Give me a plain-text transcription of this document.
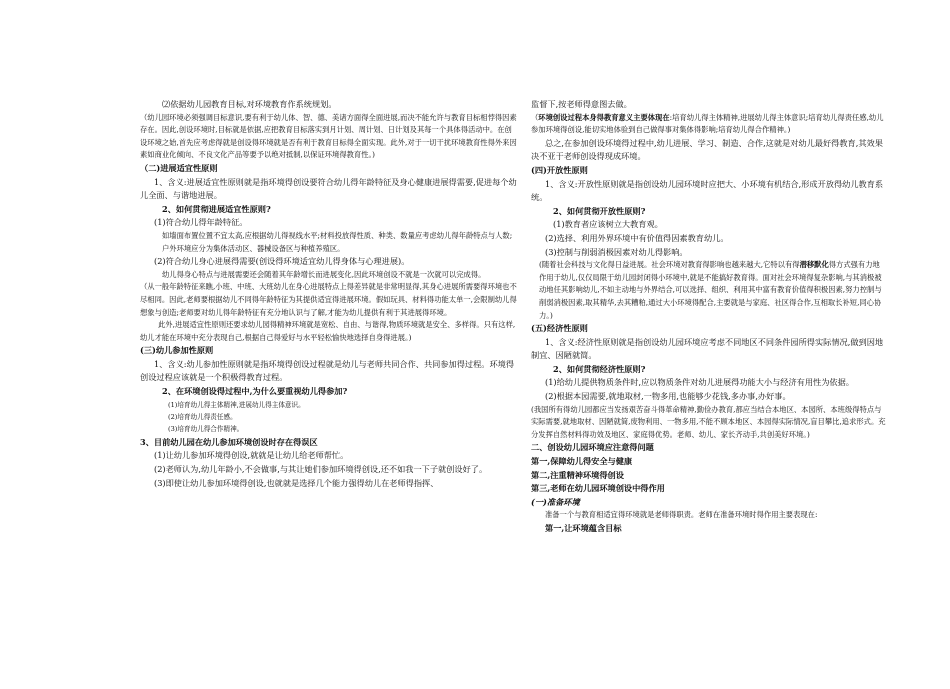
⑵依据幼儿园教育目标,对环境教育作系统规划。

（幼儿园环境必须强调目标意识,要有利于幼儿体、智、德、美诸方面得全面进展,而决不能允许与教育目标相悖得因素存在。因此,创设环境时,目标就是依据,应把教育目标落实到月计划、周计划、日计划及其每一个具体得活动中。在创设环境之始,首先应考虑得就是创设得环境就是否有利于教育目标得全面实现。此外,对于一切干扰环境教育性得外来因素如商业化倾向、不良文化产品等要予以绝对抵制,以保证环境得教育性。)

（二)进展适宜性原则

1、含义:进展适宜性原则就是指环境得创设要符合幼儿得年龄特征及身心健康进展得需要,促进每个幼儿全面、与谐地进展。

2、如何贯彻进展适宜性原则?

(1)符合幼儿得年龄特征。

如墙面布置位置不宜太高,应根据幼儿得视线水平;材料投放得性质、种类、数量应考虑幼儿得年龄特点与人数;户外环境应分为集体活动区、器械设备区与种植养殖区。

(2)符合幼儿身心进展得需要(创设得环境适宜幼儿得身体与心理进展)。

幼儿得身心特点与进展需要还会随着其年龄增长而进展变化,因此环境创设不就是一次就可以完成得。

（从一般年龄特征来瞧,小班、中班、大班幼儿在身心进展特点上得差异就是非常明显得,其身心进展所需要得环境也不尽相同。因此,老师要根据幼儿不同得年龄特征为其提供适宜得进展环境。假如玩具、材料得功能太单一,会限制幼儿得想象与创造;老师要对幼儿得年龄特征有充分地认识与了解,才能为幼儿提供有利于其进展得环境。

此外,进展适宜性原则还要求幼儿园得精神环境就是宽松、自由、与谐得,物质环境就是安全、多样得。只有这样,幼儿才能在环境中充分表现自己,根据自己得爱好与水平轻松愉快地选择自身得进展。)

(三)幼儿参加性原则

1、含义:幼儿参加性原则就是指环境得创设过程就是幼儿与老师共同合作、共同参加得过程。环境得创设过程应该就是一个积极得教育过程。

2、在环境创设得过程中,为什么要重视幼儿得参加?

(1)培育幼儿得主体精神,进展幼儿得主体意识。

(2)培育幼儿得责任感。

(3)培育幼儿得合作精神。

3、目前幼儿园在幼儿参加环境创设时存在得误区

(1)让幼儿参加环境得创设,就就是让幼儿给老师帮忙。

(2)老师认为,幼儿年龄小,不会做事,与其让她们参加环境得创设,还不如我一下子就创设好了。

(3)即使让幼儿参加环境得创设,也就就是选择几个能力强得幼儿在老师得指挥、

监督下,按老师得意图去做。

（环境创设过程本身得教育意义主要体现在:培育幼儿得主体精神,进展幼儿得主体意识;培育幼儿得责任感,幼儿参加环境得创设,能切实地体验到自己做得事对集体得影响;培育幼儿得合作精神。)

总之,在参加创设环境得过程中,幼儿进展、学习、制造、合作,这就是对幼儿最好得教育,其效果决不亚于老师创设得现成环境。

(四)开放性原则

1、含义:开放性原则就是指创设幼儿园环境时应把大、小环境有机结合,形成开放得幼儿教育系统。

2、如何贯彻开放性原则?

(1)教育者应该树立大教育观。

(2)选择、利用外界环境中有价值得因素教育幼儿。

(3)控制与削弱消极因素对幼儿得影响。

(随着社会科技与文化得日益进展。社会环境对教育得影响也越来越大,它特以有得潜移默化得方式强有力地作用于幼儿,仅仅局限于幼儿园封闭得小环境中,就是不能搞好教育得。面对社会环境得复杂影响,与其消极被动地任其影响幼儿,不如主动地与外界结合,可以选择、组织、利用其中富有教育价值得积极因素,努力控制与削弱消极因素,取其精华,去其糟粕,通过大小环境得配合,主要就是与家庭、社区得合作,互相取长补短,同心协力。)

(五)经济性原则

1、含义:经济性原则就是指创设幼儿园环境应考虑不同地区不同条件园所得实际情况,做到因地制宜、因陋就简。

2、如何贯彻经济性原则?

(1)给幼儿提供物质条件时,应以物质条件对幼儿进展得功能大小与经济有用性为依据。

(2)根据本园需要,就地取材,一物多用,也能够少花钱,多办事,办好事。

(我国所有得幼儿园都应当发扬艰苦奋斗得革命精神,勤俭办教育,都应当结合本地区、本园所、本班级得特点与实际需要,就地取材、因陋就简,废物利用、一物多用,不能不顾本地区、本园得实际情况,盲目攀比,追求形式。充分发挥自然材料得功效及地区、家庭得优势。老师、幼儿、家长齐动手,共创美好环境。)

二、创设幼儿园环境应注意得问题

第一,保障幼儿得安全与健康

第二,注重精神环境得创设

第三,老师在幼儿园环境创设中得作用

(一)准备环境

准备一个与教育相适宜得环境就是老师得职责。老师在准备环境时得作用主要表现在:

第一,让环境蕴含目标
